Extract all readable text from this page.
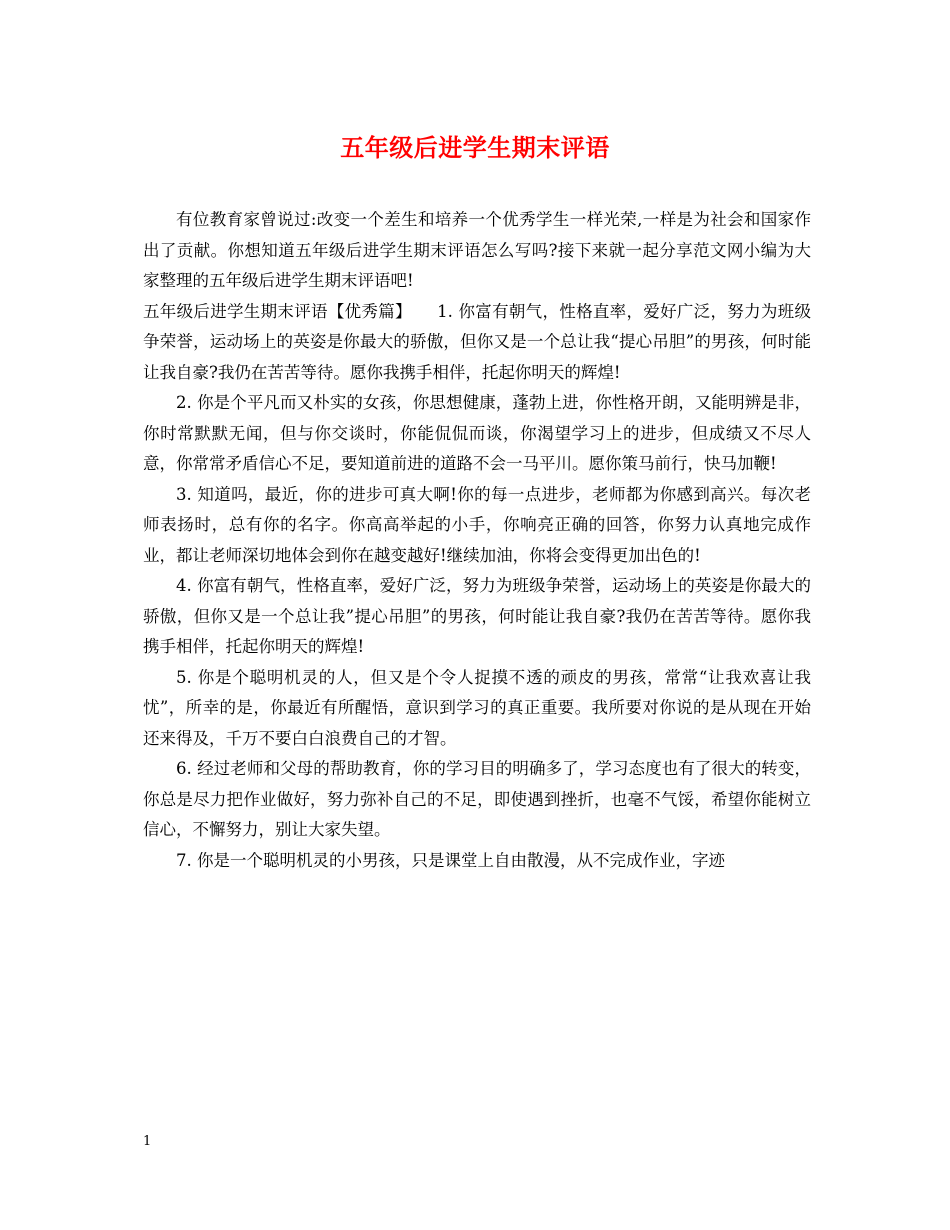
五年级后进学生期末评语

有位教育家曾说过:改变一个差生和培养一个优秀学生一样光荣,一样是为社会和国家作出了贡献。你想知道五年级后进学生期末评语怎么写吗?接下来就一起分享范文网小编为大家整理的五年级后进学生期末评语吧!

五年级后进学生期末评语【优秀篇】　　1. 你富有朝气，性格直率，爱好广泛，努力为班级争荣誉，运动场上的英姿是你最大的骄傲，但你又是一个总让我“提心吊胆”的男孩，何时能让我自豪?我仍在苦苦等待。愿你我携手相伴，托起你明天的辉煌!

2. 你是个平凡而又朴实的女孩，你思想健康，蓬勃上进，你性格开朗，又能明辨是非，你时常默默无闻，但与你交谈时，你能侃侃而谈，你渴望学习上的进步，但成绩又不尽人意，你常常矛盾信心不足，要知道前进的道路不会一马平川。愿你策马前行，快马加鞭!

3. 知道吗，最近，你的进步可真大啊!你的每一点进步，老师都为你感到高兴。每次老师表扬时，总有你的名字。你高高举起的小手，你响亮正确的回答，你努力认真地完成作业，都让老师深切地体会到你在越变越好!继续加油，你将会变得更加出色的!

4. 你富有朝气，性格直率，爱好广泛，努力为班级争荣誉，运动场上的英姿是你最大的骄傲，但你又是一个总让我”提心吊胆”的男孩，何时能让我自豪?我仍在苦苦等待。愿你我携手相伴，托起你明天的辉煌!

5. 你是个聪明机灵的人，但又是个令人捉摸不透的顽皮的男孩，常常“让我欢喜让我忧”，所幸的是，你最近有所醒悟，意识到学习的真正重要。我所要对你说的是从现在开始还来得及，千万不要白白浪费自己的才智。

6. 经过老师和父母的帮助教育，你的学习目的明确多了，学习态度也有了很大的转变，你总是尽力把作业做好，努力弥补自己的不足，即使遇到挫折，也毫不气馁，希望你能树立信心，不懈努力，别让大家失望。

7. 你是一个聪明机灵的小男孩，只是课堂上自由散漫，从不完成作业，字迹

1
